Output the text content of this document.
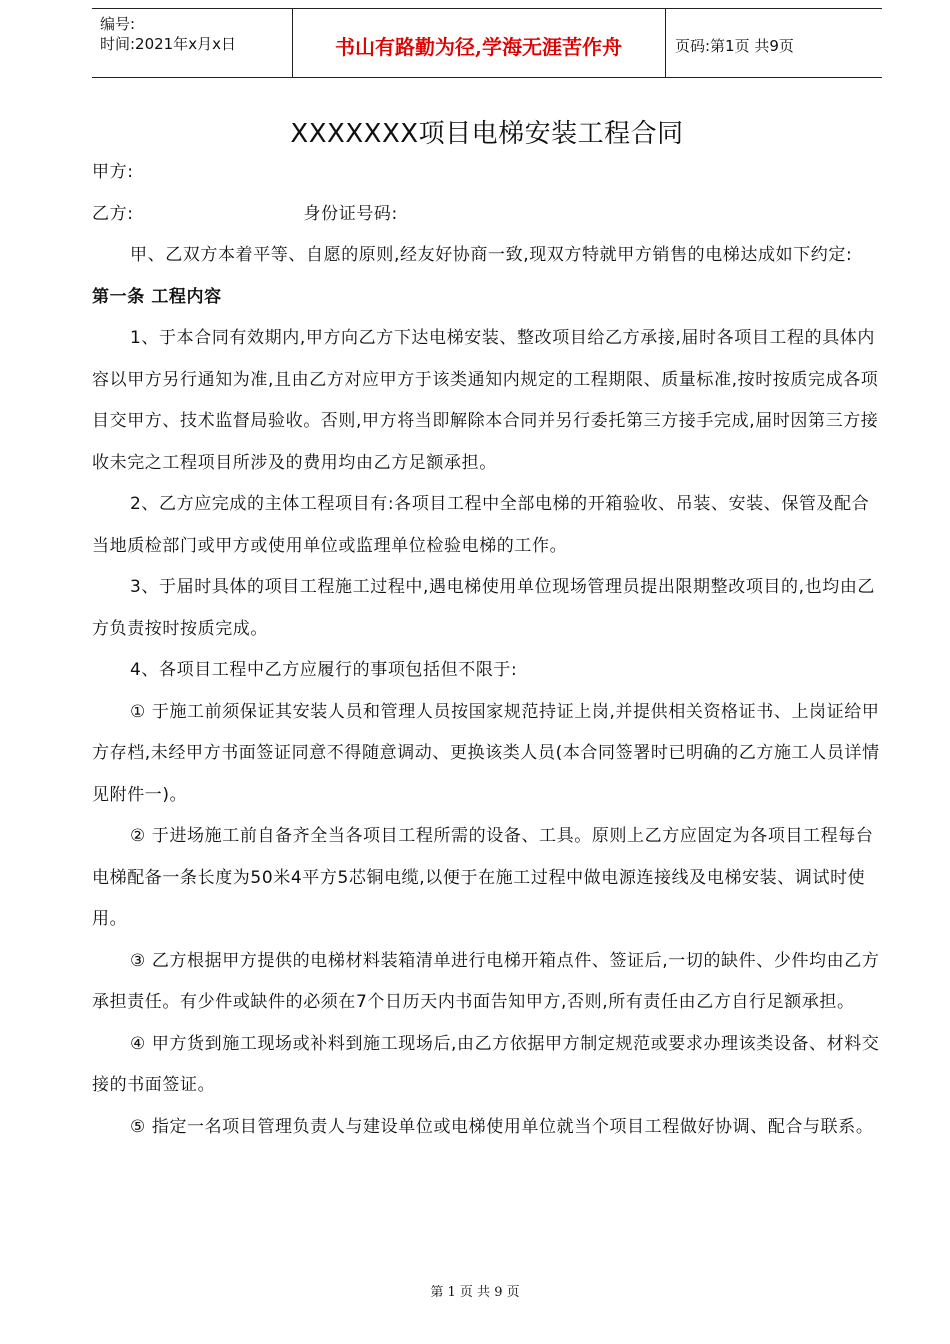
编号:
时间:2021年x月x日	书山有路勤为径,学海无涯苦作舟	页码:第1页 共9页
XXXXXXX项目电梯安装工程合同

甲方:

乙方:	身份证号码:

甲、乙双方本着平等、自愿的原则,经友好协商一致,现双方特就甲方销售的电梯达成如下约定:

第一条 工程内容

1、于本合同有效期内,甲方向乙方下达电梯安装、整改项目给乙方承接,届时各项目工程的具体内容以甲方另行通知为准,且由乙方对应甲方于该类通知内规定的工程期限、质量标准,按时按质完成各项目交甲方、技术监督局验收。否则,甲方将当即解除本合同并另行委托第三方接手完成,届时因第三方接收未完之工程项目所涉及的费用均由乙方足额承担。

2、乙方应完成的主体工程项目有:各项目工程中全部电梯的开箱验收、吊装、安装、保管及配合当地质检部门或甲方或使用单位或监理单位检验电梯的工作。

3、于届时具体的项目工程施工过程中,遇电梯使用单位现场管理员提出限期整改项目的,也均由乙方负责按时按质完成。

4、各项目工程中乙方应履行的事项包括但不限于:

① 于施工前须保证其安装人员和管理人员按国家规范持证上岗,并提供相关资格证书、上岗证给甲方存档,未经甲方书面签证同意不得随意调动、更换该类人员(本合同签署时已明确的乙方施工人员详情见附件一)。

② 于进场施工前自备齐全当各项目工程所需的设备、工具。原则上乙方应固定为各项目工程每台电梯配备一条长度为50米4平方5芯铜电缆,以便于在施工过程中做电源连接线及电梯安装、调试时使用。

③ 乙方根据甲方提供的电梯材料装箱清单进行电梯开箱点件、签证后,一切的缺件、少件均由乙方承担责任。有少件或缺件的必须在7个日历天内书面告知甲方,否则,所有责任由乙方自行足额承担。

④ 甲方货到施工现场或补料到施工现场后,由乙方依据甲方制定规范或要求办理该类设备、材料交接的书面签证。

⑤ 指定一名项目管理负责人与建设单位或电梯使用单位就当个项目工程做好协调、配合与联系。

第 1 页 共 9 页
